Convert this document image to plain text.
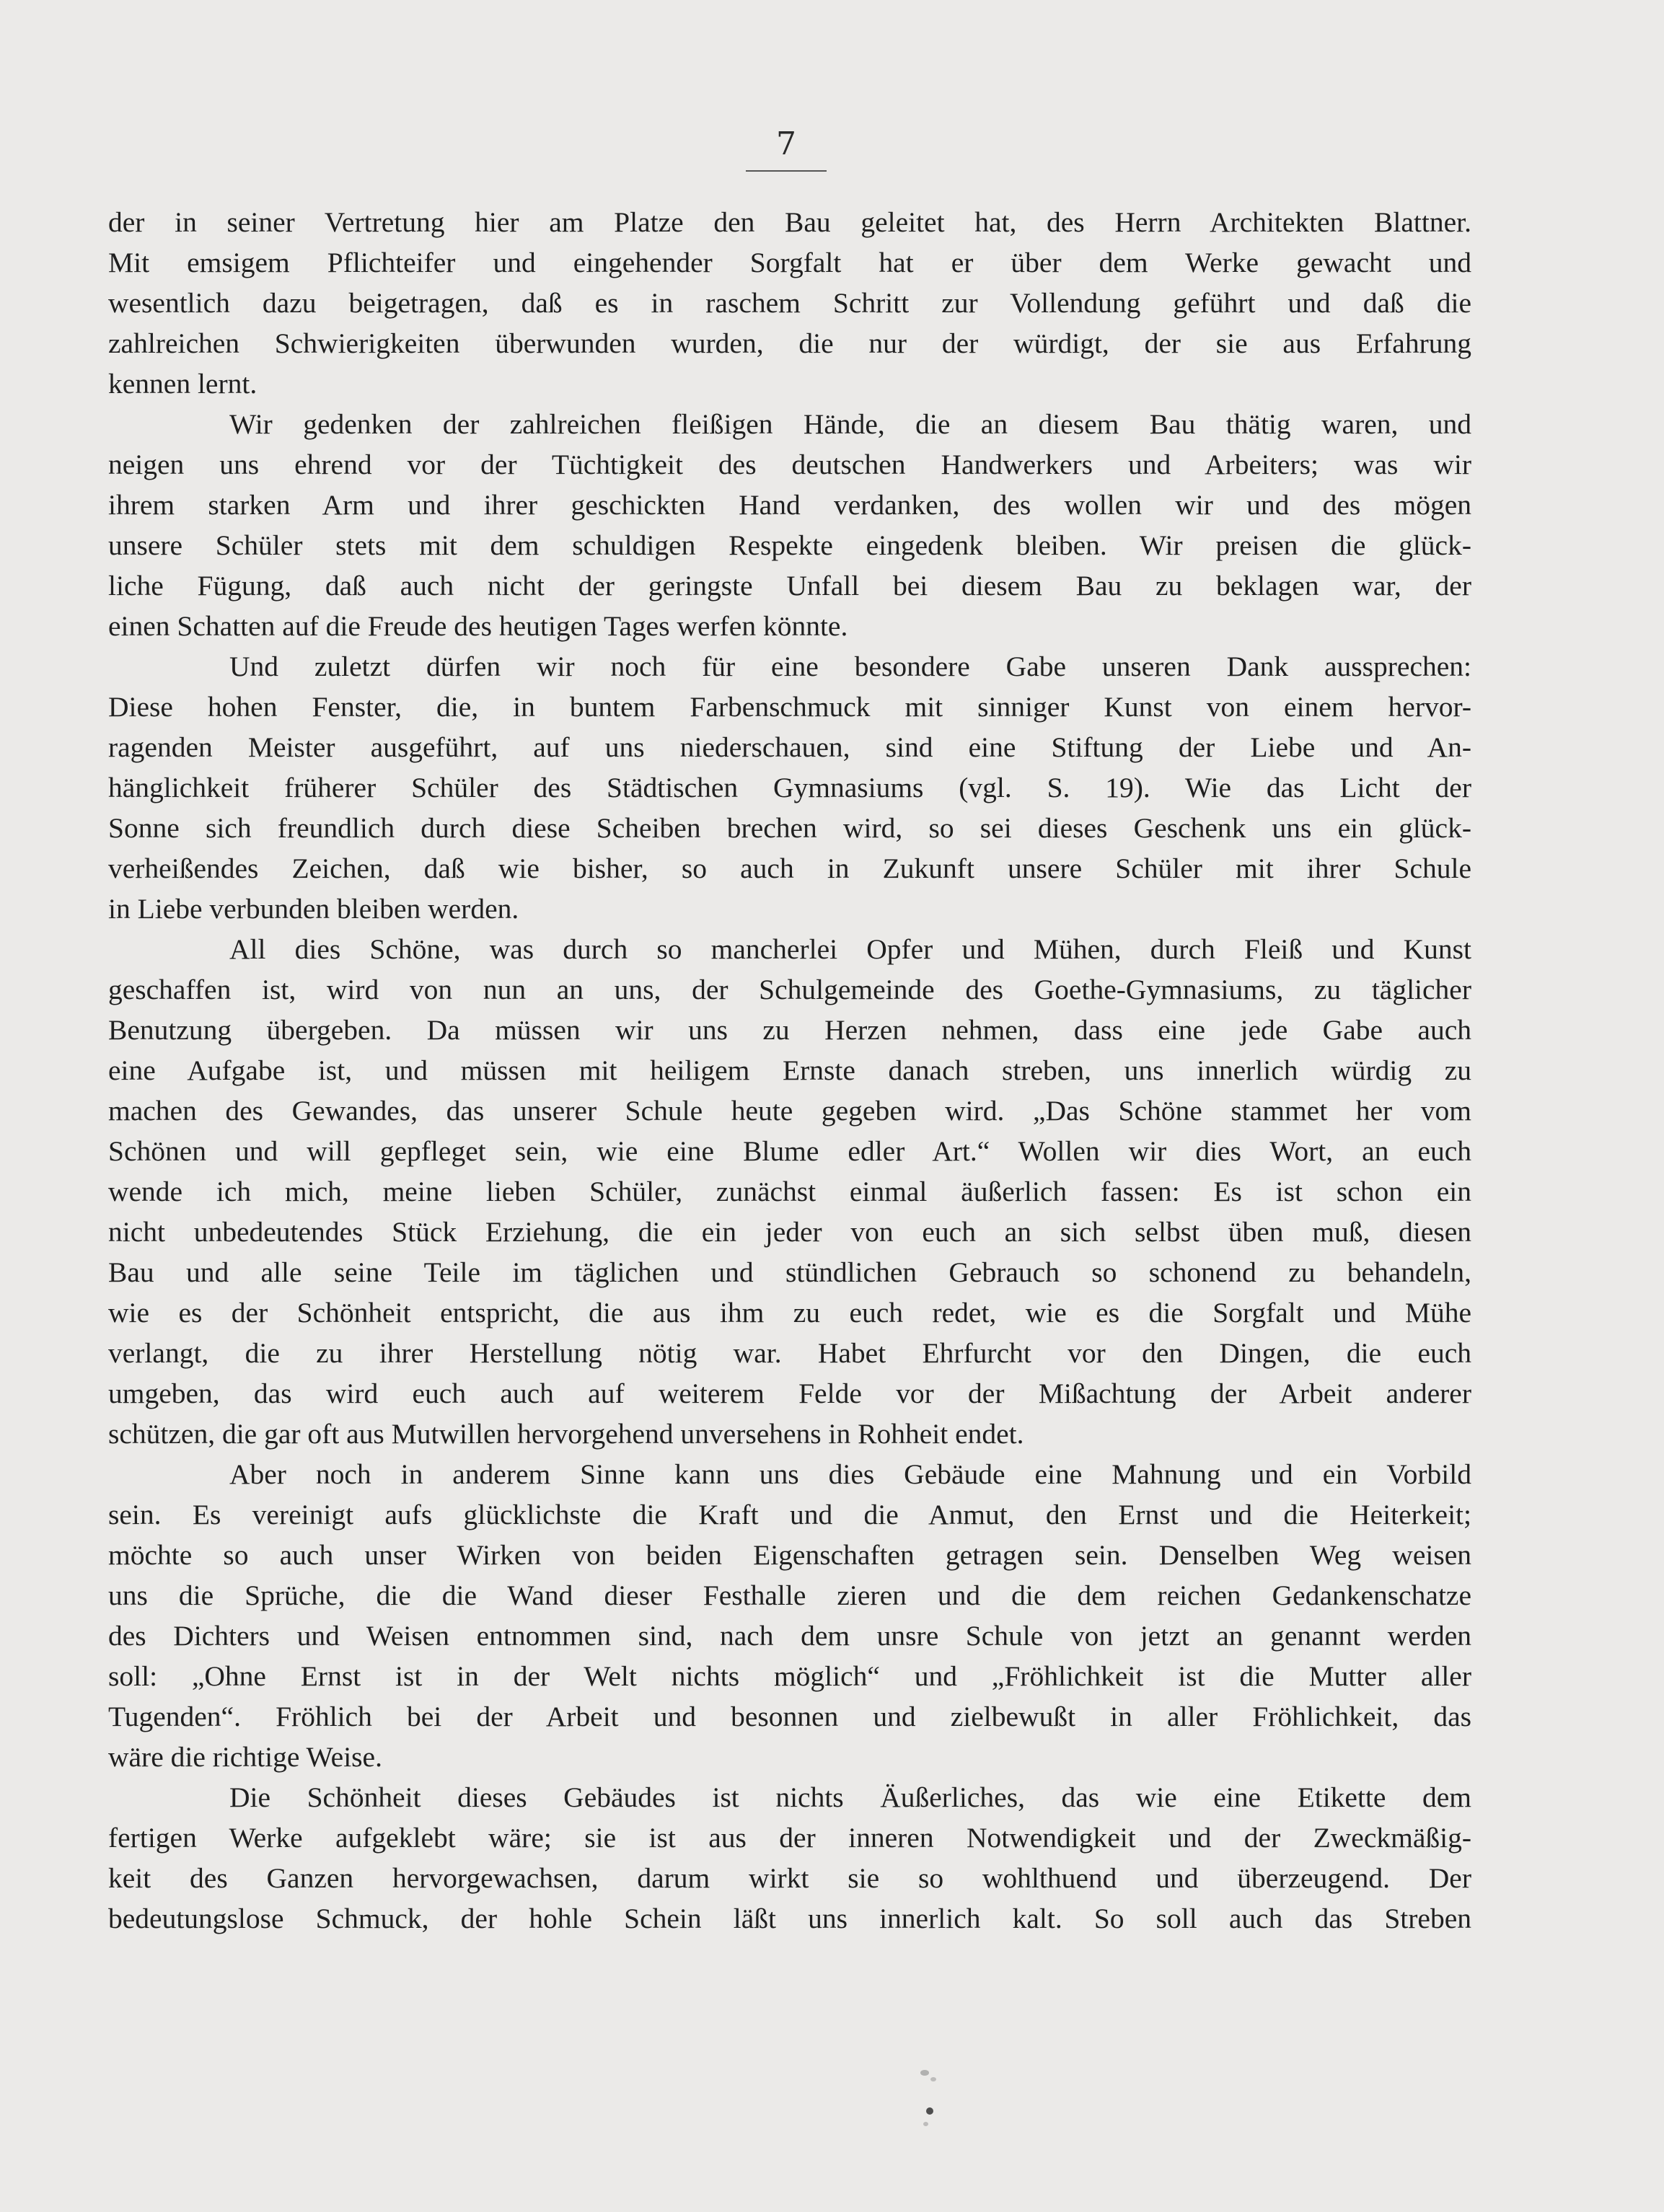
7
der in seiner Vertretung hier am Platze den Bau geleitet hat, des Herrn Architekten Blattner.
Mit emsigem Pflichteifer und eingehender Sorgfalt hat er über dem Werke gewacht und
wesentlich dazu beigetragen, daß es in raschem Schritt zur Vollendung geführt und daß die
zahlreichen Schwierigkeiten überwunden wurden, die nur der würdigt, der sie aus Erfahrung
kennen lernt.
Wir gedenken der zahlreichen fleißigen Hände, die an diesem Bau thätig waren, und
neigen uns ehrend vor der Tüchtigkeit des deutschen Handwerkers und Arbeiters; was wir
ihrem starken Arm und ihrer geschickten Hand verdanken, des wollen wir und des mögen
unsere Schüler stets mit dem schuldigen Respekte eingedenk bleiben. Wir preisen die glück-
liche Fügung, daß auch nicht der geringste Unfall bei diesem Bau zu beklagen war, der
einen Schatten auf die Freude des heutigen Tages werfen könnte.
Und zuletzt dürfen wir noch für eine besondere Gabe unseren Dank aussprechen:
Diese hohen Fenster, die, in buntem Farbenschmuck mit sinniger Kunst von einem hervor-
ragenden Meister ausgeführt, auf uns niederschauen, sind eine Stiftung der Liebe und An-
hänglichkeit früherer Schüler des Städtischen Gymnasiums (vgl. S. 19). Wie das Licht der
Sonne sich freundlich durch diese Scheiben brechen wird, so sei dieses Geschenk uns ein glück-
verheißendes Zeichen, daß wie bisher, so auch in Zukunft unsere Schüler mit ihrer Schule
in Liebe verbunden bleiben werden.
All dies Schöne, was durch so mancherlei Opfer und Mühen, durch Fleiß und Kunst
geschaffen ist, wird von nun an uns, der Schulgemeinde des Goethe-Gymnasiums, zu täglicher
Benutzung übergeben. Da müssen wir uns zu Herzen nehmen, dass eine jede Gabe auch
eine Aufgabe ist, und müssen mit heiligem Ernste danach streben, uns innerlich würdig zu
machen des Gewandes, das unserer Schule heute gegeben wird. „Das Schöne stammet her vom
Schönen und will gepfleget sein, wie eine Blume edler Art.“ Wollen wir dies Wort, an euch
wende ich mich, meine lieben Schüler, zunächst einmal äußerlich fassen: Es ist schon ein
nicht unbedeutendes Stück Erziehung, die ein jeder von euch an sich selbst üben muß, diesen
Bau und alle seine Teile im täglichen und stündlichen Gebrauch so schonend zu behandeln,
wie es der Schönheit entspricht, die aus ihm zu euch redet, wie es die Sorgfalt und Mühe
verlangt, die zu ihrer Herstellung nötig war. Habet Ehrfurcht vor den Dingen, die euch
umgeben, das wird euch auch auf weiterem Felde vor der Mißachtung der Arbeit anderer
schützen, die gar oft aus Mutwillen hervorgehend unversehens in Rohheit endet.
Aber noch in anderem Sinne kann uns dies Gebäude eine Mahnung und ein Vorbild
sein. Es vereinigt aufs glücklichste die Kraft und die Anmut, den Ernst und die Heiterkeit;
möchte so auch unser Wirken von beiden Eigenschaften getragen sein. Denselben Weg weisen
uns die Sprüche, die die Wand dieser Festhalle zieren und die dem reichen Gedankenschatze
des Dichters und Weisen entnommen sind, nach dem unsre Schule von jetzt an genannt werden
soll: „Ohne Ernst ist in der Welt nichts möglich“ und „Fröhlichkeit ist die Mutter aller
Tugenden“. Fröhlich bei der Arbeit und besonnen und zielbewußt in aller Fröhlichkeit, das
wäre die richtige Weise.
Die Schönheit dieses Gebäudes ist nichts Äußerliches, das wie eine Etikette dem
fertigen Werke aufgeklebt wäre; sie ist aus der inneren Notwendigkeit und der Zweckmäßig-
keit des Ganzen hervorgewachsen, darum wirkt sie so wohlthuend und überzeugend. Der
bedeutungslose Schmuck, der hohle Schein läßt uns innerlich kalt. So soll auch das Streben
